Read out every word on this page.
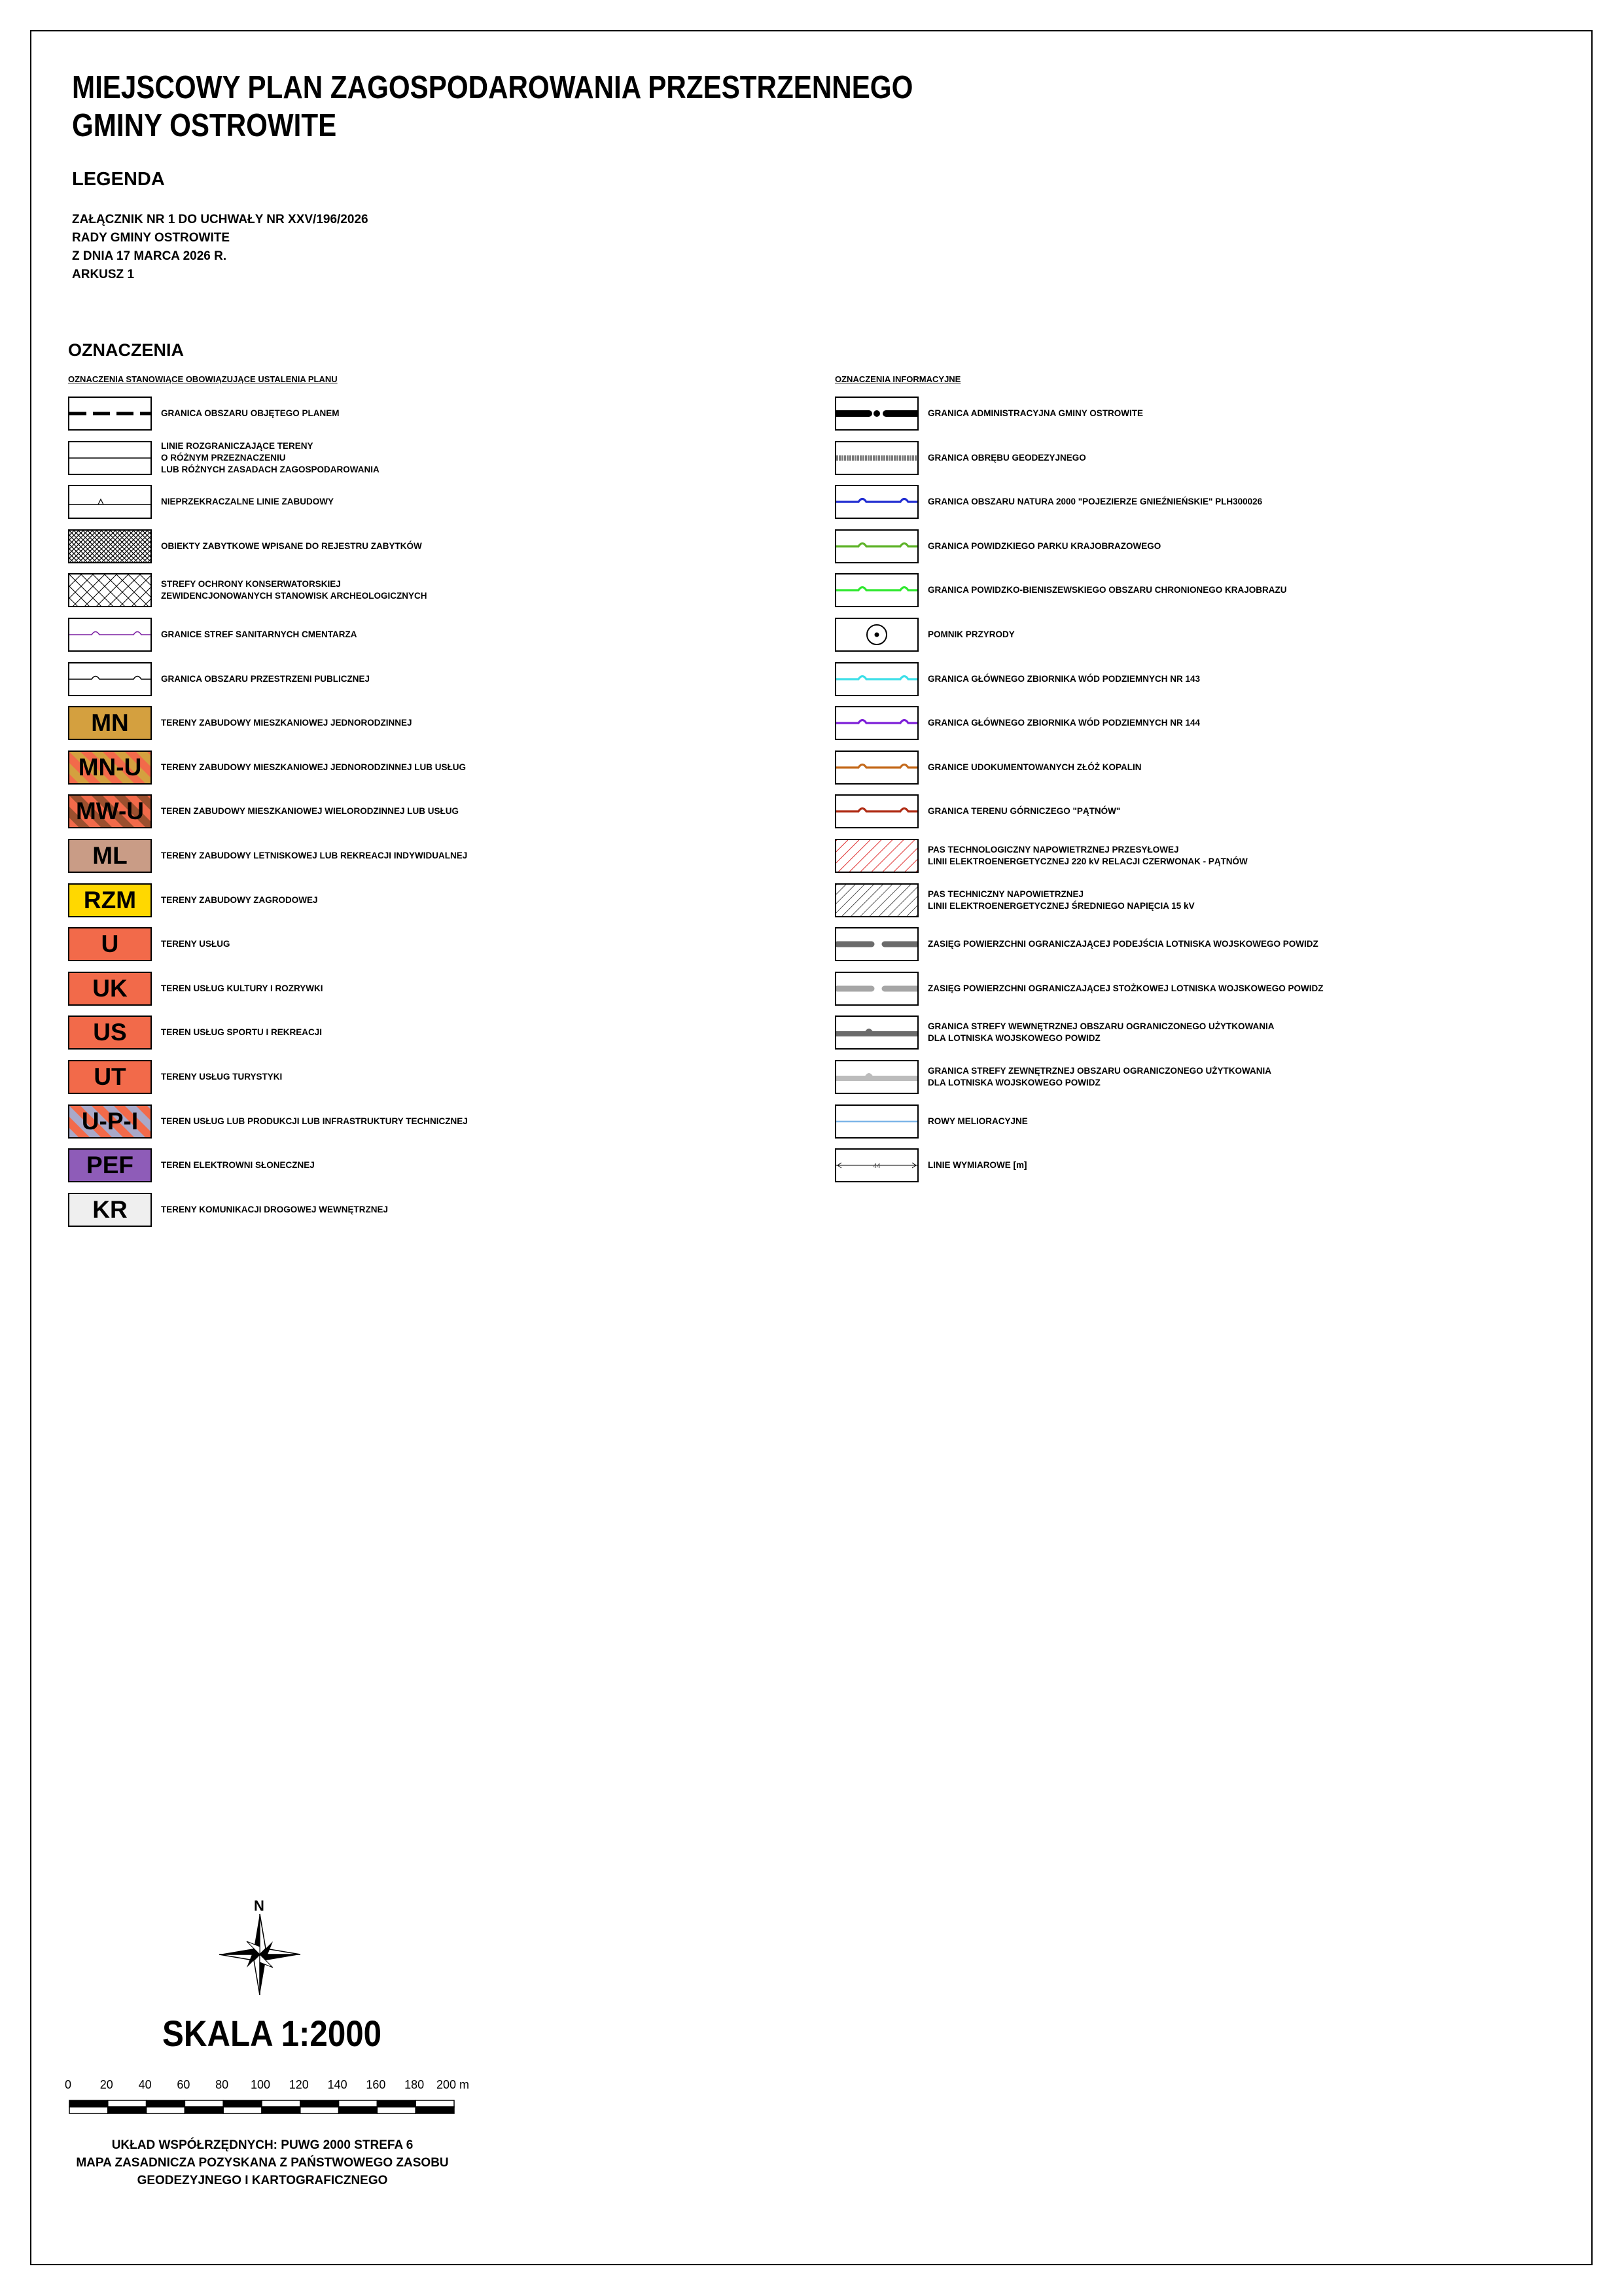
MIEJSCOWY PLAN ZAGOSPODAROWANIA PRZESTRZENNEGO
GMINY OSTROWITE
LEGENDA
ZAŁĄCZNIK NR 1 DO UCHWAŁY NR XXV/196/2026
RADY GMINY OSTROWITE
Z DNIA 17 MARCA 2026 R.
ARKUSZ 1
OZNACZENIA
OZNACZENIA STANOWIĄCE OBOWIĄZUJĄCE USTALENIA PLANU	OZNACZENIA INFORMACYJNE
GRANICA OBSZARU OBJĘTEGO PLANEM
LINIE ROZGRANICZAJĄCE TERENY
O RÓŻNYM PRZEZNACZENIU
LUB RÓŻNYCH ZASADACH ZAGOSPODAROWANIA
NIEPRZEKRACZALNE LINIE ZABUDOWY
OBIEKTY ZABYTKOWE WPISANE DO REJESTRU ZABYTKÓW
STREFY OCHRONY KONSERWATORSKIEJ
ZEWIDENCJONOWANYCH STANOWISK ARCHEOLOGICZNYCH
GRANICE STREF SANITARNYCH CMENTARZA
GRANICA OBSZARU PRZESTRZENI PUBLICZNEJ
MN	TERENY ZABUDOWY MIESZKANIOWEJ JEDNORODZINNEJ
MN-U TERENY ZABUDOWY MIESZKANIOWEJ JEDNORODZINNEJ LUB USŁUG
MW-U TEREN ZABUDOWY MIESZKANIOWEJ WIELORODZINNEJ LUB USŁUG
ML	TERENY ZABUDOWY LETNISKOWEJ LUB REKREACJI INDYWIDUALNEJ
RZM	TERENY ZABUDOWY ZAGRODOWEJ
U	TERENY USŁUG
UK	TEREN USŁUG KULTURY I ROZRYWKI
US	TEREN USŁUG SPORTU I REKREACJI
UT	TERENY USŁUG TURYSTYKI
U-P-I	TEREN USŁUG LUB PRODUKCJI LUB INFRASTRUKTURY TECHNICZNEJ
PEF	TEREN ELEKTROWNI SŁONECZNEJ
KR	TERENY KOMUNIKACJI DROGOWEJ WEWNĘTRZNEJ
GRANICA ADMINISTRACYJNA GMINY OSTROWITE
GRANICA OBRĘBU GEODEZYJNEGO
GRANICA OBSZARU NATURA 2000 "POJEZIERZE GNIEŹNIEŃSKIE" PLH300026
GRANICA POWIDZKIEGO PARKU KRAJOBRAZOWEGO
GRANICA POWIDZKO-BIENISZEWSKIEGO OBSZARU CHRONIONEGO KRAJOBRAZU
POMNIK PRZYRODY
GRANICA GŁÓWNEGO ZBIORNIKA WÓD PODZIEMNYCH NR 143
GRANICA GŁÓWNEGO ZBIORNIKA WÓD PODZIEMNYCH NR 144
GRANICE UDOKUMENTOWANYCH ZŁÓŻ KOPALIN
GRANICA TERENU GÓRNICZEGO "PĄTNÓW"
PAS TECHNOLOGICZNY NAPOWIETRZNEJ PRZESYŁOWEJ
LINII ELEKTROENERGETYCZNEJ 220 kV RELACJI CZERWONAK - PĄTNÓW
PAS TECHNICZNY NAPOWIETRZNEJ
LINII ELEKTROENERGETYCZNEJ ŚREDNIEGO NAPIĘCIA 15 kV
ZASIĘG POWIERZCHNI OGRANICZAJĄCEJ PODEJŚCIA LOTNISKA WOJSKOWEGO POWIDZ
ZASIĘG POWIERZCHNI OGRANICZAJĄCEJ STOŻKOWEJ LOTNISKA WOJSKOWEGO POWIDZ
GRANICA STREFY WEWNĘTRZNEJ OBSZARU OGRANICZONEGO UŻYTKOWANIA
DLA LOTNISKA WOJSKOWEGO POWIDZ
GRANICA STREFY ZEWNĘTRZNEJ OBSZARU OGRANICZONEGO UŻYTKOWANIA
DLA LOTNISKA WOJSKOWEGO POWIDZ
ROWY MELIORACYJNE
44	LINIE WYMIAROWE [m]
N
SKALA 1:2000
0 20 40 60 80 100 120 140 160 180 200 m
UKŁAD WSPÓŁRZĘDNYCH: PUWG 2000 STREFA 6
MAPA ZASADNICZA POZYSKANA Z PAŃSTWOWEGO ZASOBU
GEODEZYJNEGO I KARTOGRAFICZNEGO
